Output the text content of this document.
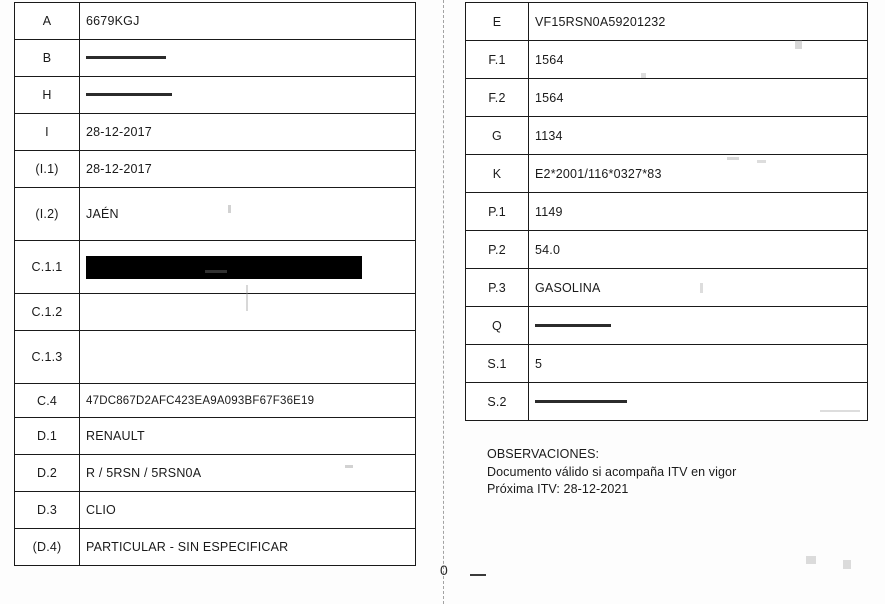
A	6679KGJ
B	
H	
I	28-12-2017
(I.1)	28-12-2017
(I.2)	JAÉN
C.1.1	

C.1.2	
C.1.3	
C.4	47DC867D2AFC423EA9A093BF67F36E19
D.1	RENAULT
D.2	R / 5RSN / 5RSN0A
D.3	CLIO
(D.4)	PARTICULAR - SIN ESPECIFICAR
E	VF15RSN0A59201232
F.1	1564
F.2	1564
G	1134
K	E2*2001/116*0327*83
P.1	1149
P.2	54.0
P.3	GASOLINA
Q	
S.1	5
S.2	
OBSERVACIONES:
Documento válido si acompaña ITV en vigor
Próxima ITV: 28-12-2021
0
